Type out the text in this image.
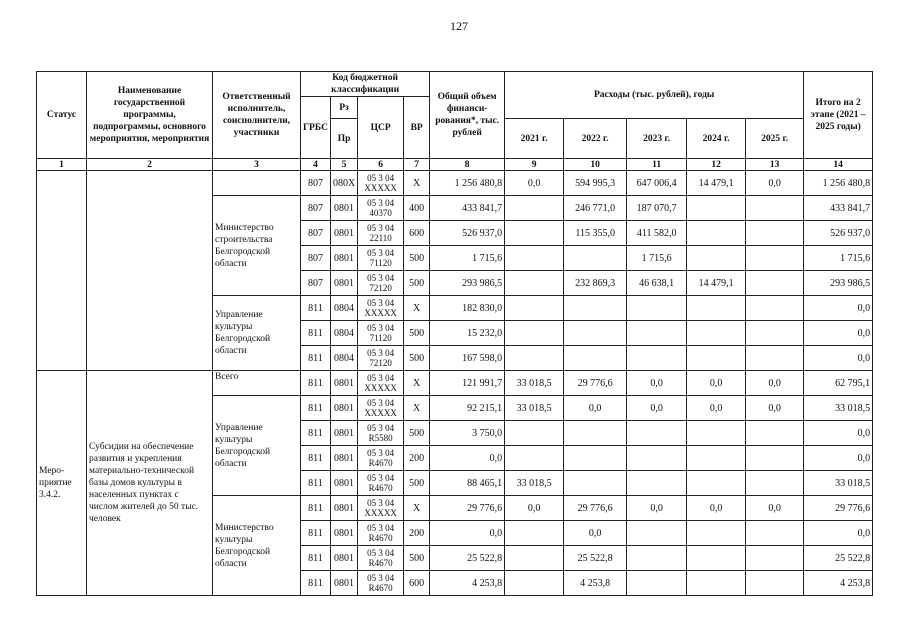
127
Статус	Наименование государственной программы, подпрограммы, основного мероприятия, мероприятия	Ответственный исполнитель, соисполнители, участники	Код бюджетной классификации				Общий объем финанси-рования*, тыс. рублей	Расходы (тыс. рублей), годы					Итого на 2 этапе (2021 – 2025 годы)
			ГРБС	Рз	ЦСР	ВР							
				Пр				2021 г.	2022 г.	2023 г.	2024 г.	2025 г.	
1	2	3	4	5	6	7	8	9	10	11	12	13	14
			807	080X	05 3 04 XXXXX	X	1 256 480,8	0,0	594 995,3	647 006,4	14 479,1	0,0	1 256 480,8
		Министерство строительства Белгородской области	807	0801	05 3 04 40370	400	433 841,7		246 771,0	187 070,7			433 841,7
			807	0801	05 3 04 22110	600	526 937,0		115 355,0	411 582,0			526 937,0
			807	0801	05 3 04 71120	500	1 715,6			1 715,6			1 715,6
			807	0801	05 3 04 72120	500	293 986,5		232 869,3	46 638,1	14 479,1		293 986,5
		Управление культуры Белгородской области	811	0804	05 3 04 XXXXX	X	182 830,0						0,0
			811	0804	05 3 04 71120	500	15 232,0						0,0
			811	0804	05 3 04 72120	500	167 598,0						0,0
Меро-приятие 3.4.2.	Субсидии на обеспечение развития и укрепления материально-технической базы домов культуры в населенных пунктах с числом жителей до 50 тыс. человек	Всего	811	0801	05 3 04 XXXXX	X	121 991,7	33 018,5	29 776,6	0,0	0,0	0,0	62 795,1
		Управление культуры Белгородской области	811	0801	05 3 04 XXXXX	X	92 215,1	33 018,5	0,0	0,0	0,0	0,0	33 018,5
			811	0801	05 3 04 R5580	500	3 750,0						0,0
			811	0801	05 3 04 R4670	200	0,0						0,0
			811	0801	05 3 04 R4670	500	88 465,1	33 018,5					33 018,5
		Министерство культуры Белгородской области	811	0801	05 3 04 XXXXX	X	29 776,6	0,0	29 776,6	0,0	0,0	0,0	29 776,6
			811	0801	05 3 04 R4670	200	0,0		0,0				0,0
			811	0801	05 3 04 R4670	500	25 522,8		25 522,8				25 522,8
			811	0801	05 3 04 R4670	600	4 253,8		4 253,8				4 253,8
